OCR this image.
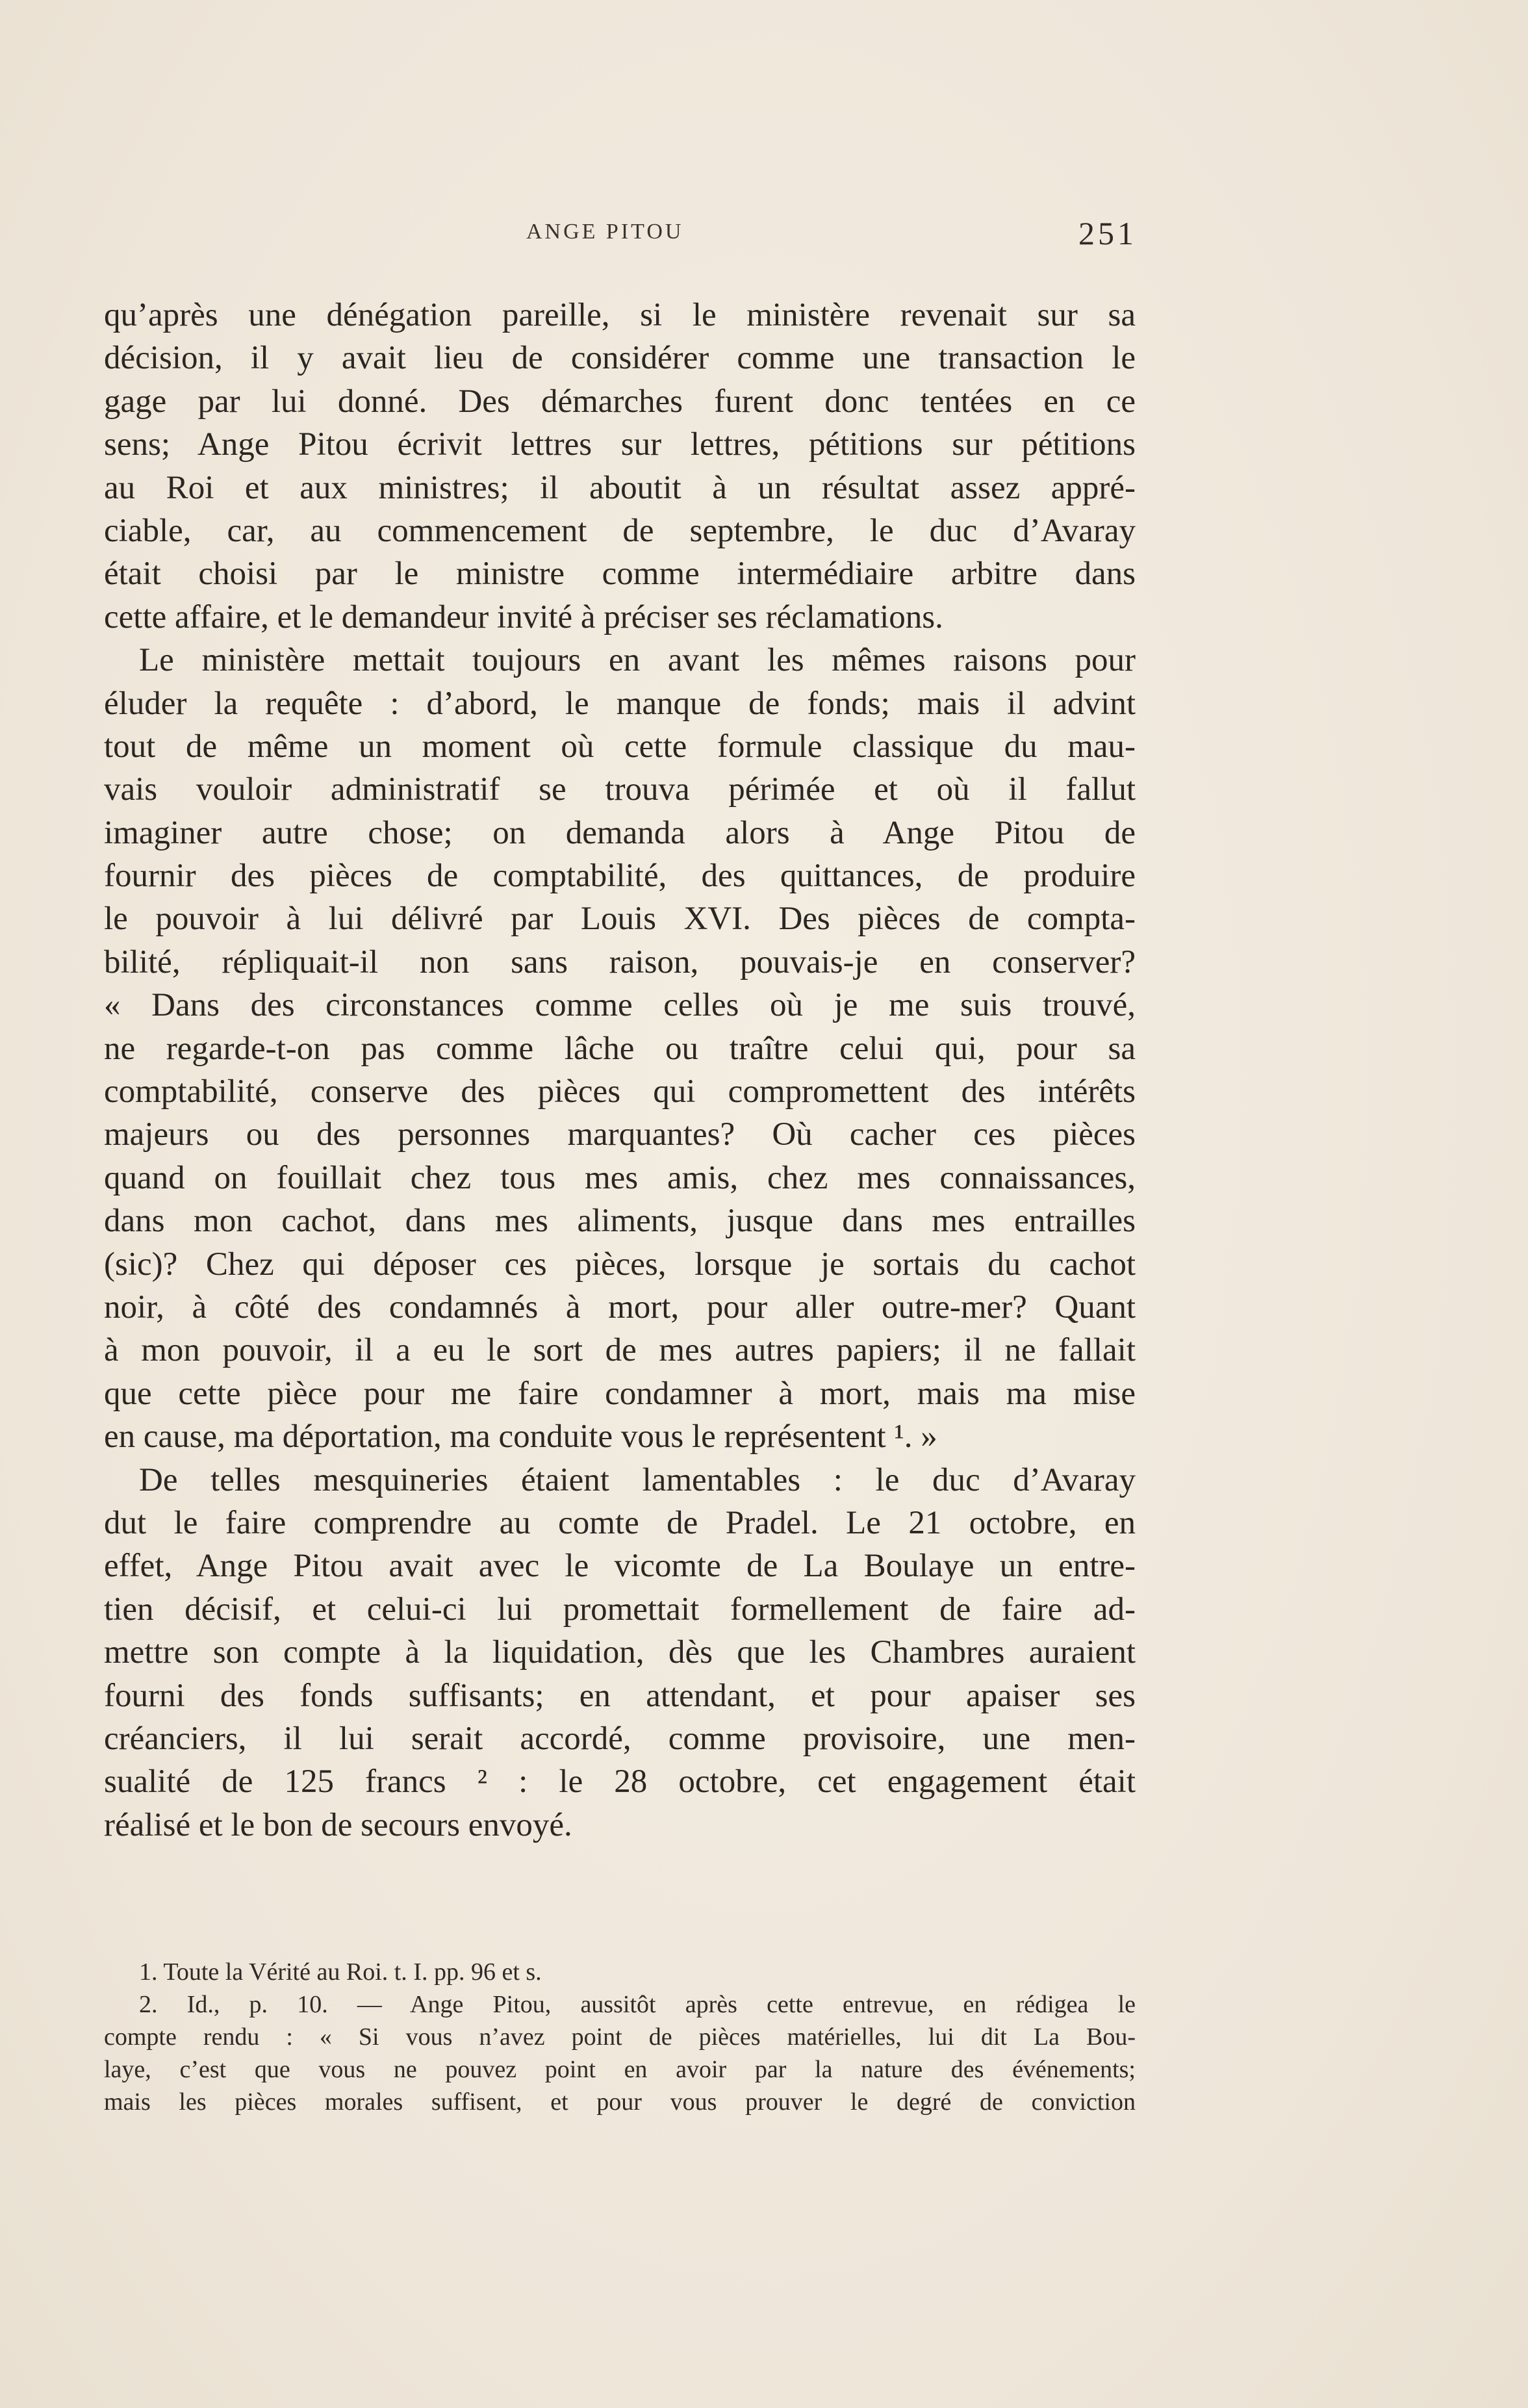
ANGE PITOU	251
qu’après une dénégation pareille, si le ministère revenait sur sa
décision, il y avait lieu de considérer comme une transaction le
gage par lui donné. Des démarches furent donc tentées en ce
sens; Ange Pitou écrivit lettres sur lettres, pétitions sur pétitions
au Roi et aux ministres; il aboutit à un résultat assez appré-
ciable, car, au commencement de septembre, le duc d’Avaray
était choisi par le ministre comme intermédiaire arbitre dans
cette affaire, et le demandeur invité à préciser ses réclamations.
Le ministère mettait toujours en avant les mêmes raisons pour
éluder la requête : d’abord, le manque de fonds; mais il advint
tout de même un moment où cette formule classique du mau-
vais vouloir administratif se trouva périmée et où il fallut
imaginer autre chose; on demanda alors à Ange Pitou de
fournir des pièces de comptabilité, des quittances, de produire
le pouvoir à lui délivré par Louis XVI. Des pièces de compta-
bilité, répliquait-il non sans raison, pouvais-je en conserver?
« Dans des circonstances comme celles où je me suis trouvé,
ne regarde-t-on pas comme lâche ou traître celui qui, pour sa
comptabilité, conserve des pièces qui compromettent des intérêts
majeurs ou des personnes marquantes? Où cacher ces pièces
quand on fouillait chez tous mes amis, chez mes connaissances,
dans mon cachot, dans mes aliments, jusque dans mes entrailles
(sic)? Chez qui déposer ces pièces, lorsque je sortais du cachot
noir, à côté des condamnés à mort, pour aller outre-mer? Quant
à mon pouvoir, il a eu le sort de mes autres papiers; il ne fallait
que cette pièce pour me faire condamner à mort, mais ma mise
en cause, ma déportation, ma conduite vous le représentent ¹. »
De telles mesquineries étaient lamentables : le duc d’Avaray
dut le faire comprendre au comte de Pradel. Le 21 octobre, en
effet, Ange Pitou avait avec le vicomte de La Boulaye un entre-
tien décisif, et celui-ci lui promettait formellement de faire ad-
mettre son compte à la liquidation, dès que les Chambres auraient
fourni des fonds suffisants; en attendant, et pour apaiser ses
créanciers, il lui serait accordé, comme provisoire, une men-
sualité de 125 francs ² : le 28 octobre, cet engagement était
réalisé et le bon de secours envoyé.
1. Toute la Vérité au Roi. t. I. pp. 96 et s.
2. Id., p. 10. — Ange Pitou, aussitôt après cette entrevue, en rédigea le
compte rendu : « Si vous n’avez point de pièces matérielles, lui dit La Bou-
laye, c’est que vous ne pouvez point en avoir par la nature des événements;
mais les pièces morales suffisent, et pour vous prouver le degré de conviction
